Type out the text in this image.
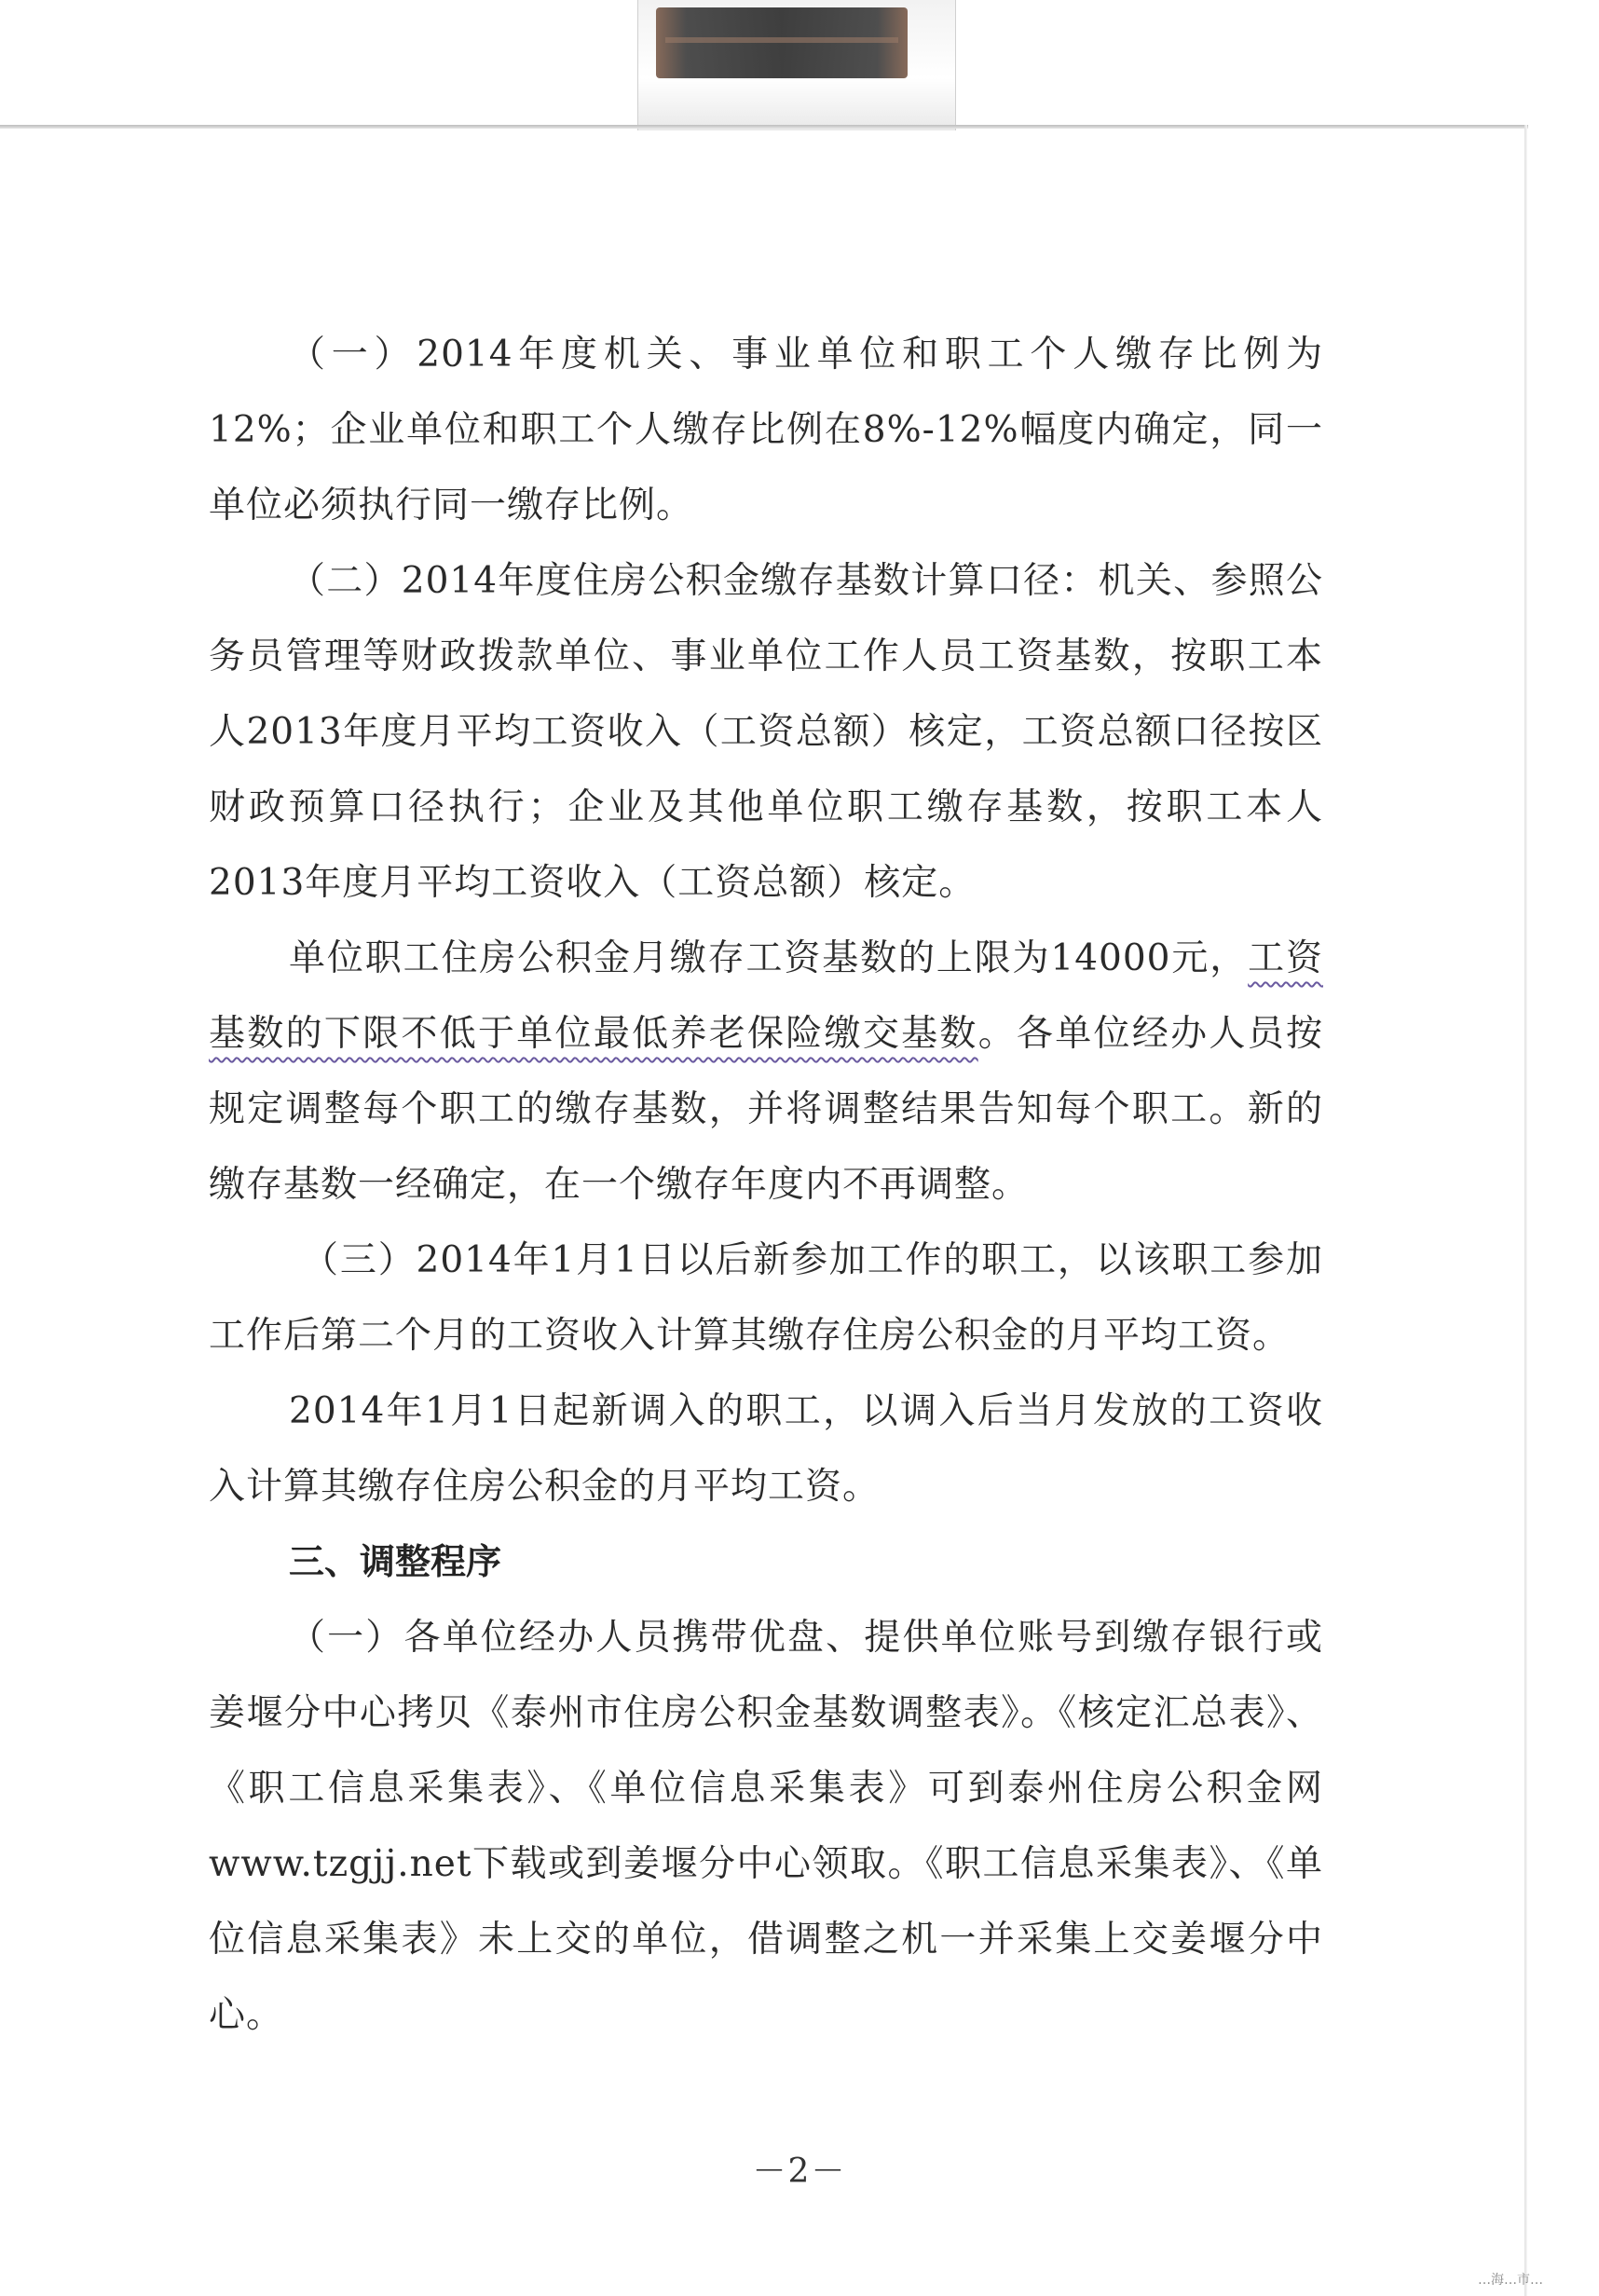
（一）2014年度机关、事业单位和职工个人缴存比例为12%；企业单位和职工个人缴存比例在8%-12%幅度内确定，同一单位必须执行同一缴存比例。

（二）2014年度住房公积金缴存基数计算口径：机关、参照公务员管理等财政拨款单位、事业单位工作人员工资基数，按职工本人2013年度月平均工资收入（工资总额）核定，工资总额口径按区财政预算口径执行；企业及其他单位职工缴存基数，按职工本人2013年度月平均工资收入（工资总额）核定。

单位职工住房公积金月缴存工资基数的上限为14000元，工资基数的下限不低于单位最低养老保险缴交基数。各单位经办人员按规定调整每个职工的缴存基数，并将调整结果告知每个职工。新的缴存基数一经确定，在一个缴存年度内不再调整。

（三）2014年1月1日以后新参加工作的职工，以该职工参加工作后第二个月的工资收入计算其缴存住房公积金的月平均工资。

2014年1月1日起新调入的职工，以调入后当月发放的工资收入计算其缴存住房公积金的月平均工资。

三、调整程序

（一）各单位经办人员携带优盘、提供单位账号到缴存银行或姜堰分中心拷贝《泰州市住房公积金基数调整表》。《核定汇总表》、《职工信息采集表》、《单位信息采集表》可到泰州住房公积金网www.tzgjj.net下载或到姜堰分中心领取。《职工信息采集表》、《单位信息采集表》未上交的单位，借调整之机一并采集上交姜堰分中心。

－2－
…海…市…
